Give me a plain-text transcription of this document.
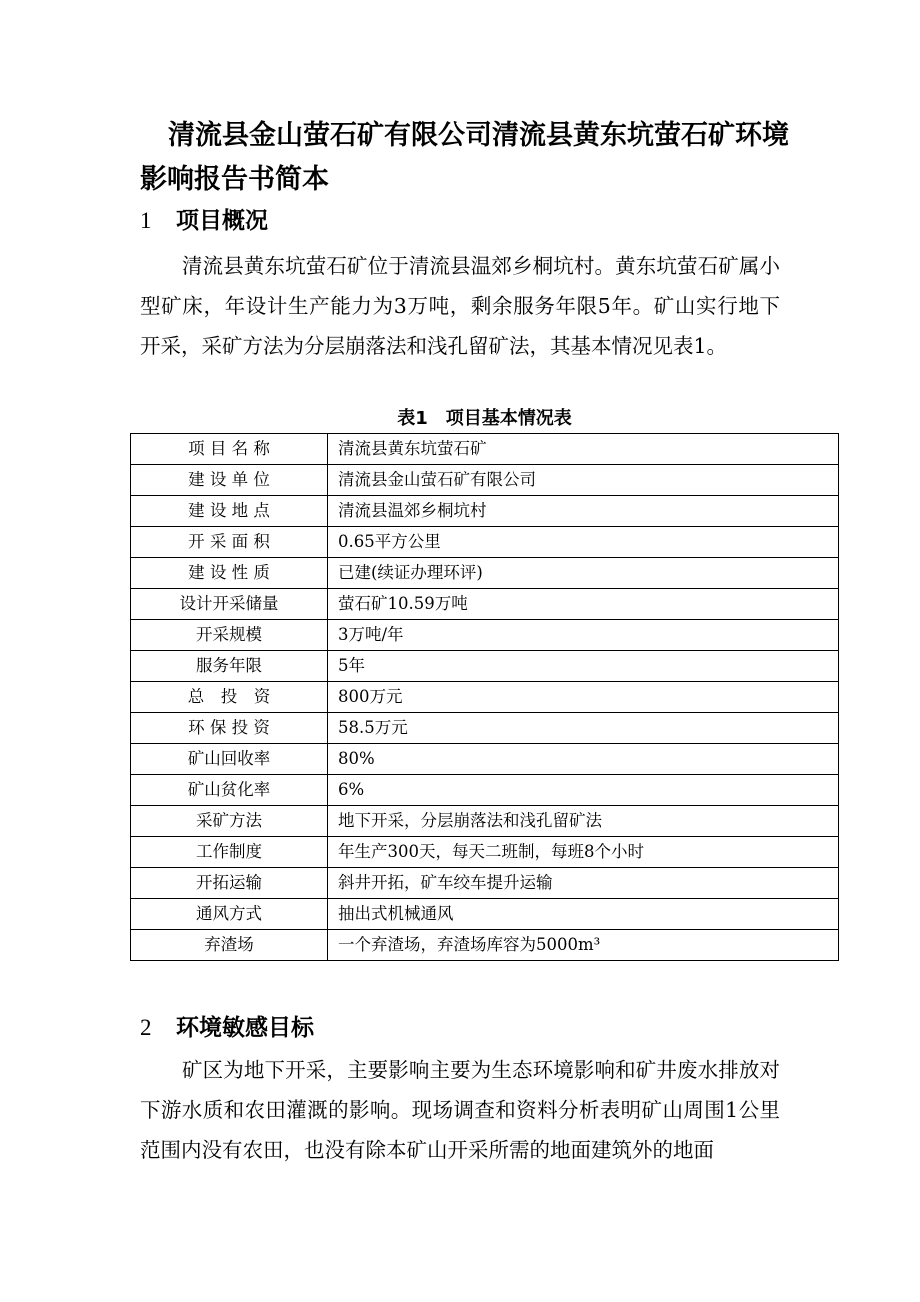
清流县金山萤石矿有限公司清流县黄东坑萤石矿环境影响报告书简本
1 项目概况

清流县黄东坑萤石矿位于清流县温郊乡桐坑村。黄东坑萤石矿属小型矿床，年设计生产能力为3万吨，剩余服务年限5年。矿山实行地下开采，采矿方法为分层崩落法和浅孔留矿法，其基本情况见表1。

表1　项目基本情况表
项 目 名 称	清流县黄东坑萤石矿
建 设 单 位	清流县金山萤石矿有限公司
建 设 地 点	清流县温郊乡桐坑村
开 采 面 积	0.65平方公里
建 设 性 质	已建(续证办理环评)
设计开采储量	萤石矿10.59万吨
开采规模	3万吨/年
服务年限	5年
总　投　资	800万元
环 保 投 资	58.5万元
矿山回收率	80%
矿山贫化率	6%
采矿方法	地下开采，分层崩落法和浅孔留矿法
工作制度	年生产300天，每天二班制，每班8个小时
开拓运输	斜井开拓，矿车绞车提升运输
通风方式	抽出式机械通风
弃渣场	一个弃渣场，弃渣场库容为5000m³
2 环境敏感目标

矿区为地下开采，主要影响主要为生态环境影响和矿井废水排放对下游水质和农田灌溉的影响。现场调查和资料分析表明矿山周围1公里范围内没有农田，也没有除本矿山开采所需的地面建筑外的地面
